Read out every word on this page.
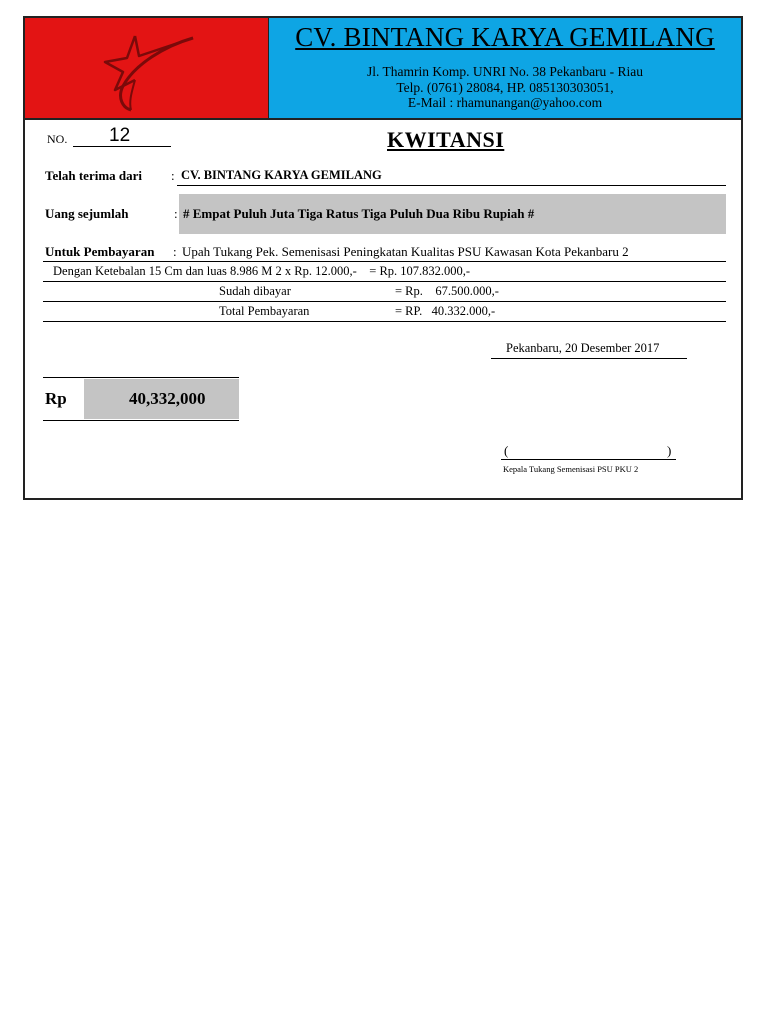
CV. BINTANG KARYA GEMILANG
Jl. Thamrin Komp. UNRI No. 38 Pekanbaru - Riau
Telp. (0761) 28084, HP. 085130303051,
E-Mail : rhamunangan@yahoo.com
NO. 12	KWITANSI
Telah terima dari : CV. BINTANG KARYA GEMILANG
Uang sejumlah	: # Empat Puluh Juta Tiga Ratus Tiga Puluh Dua Ribu Rupiah #
Untuk Pembayaran : Upah Tukang Pek. Semenisasi Peningkatan Kualitas PSU Kawasan Kota Pekanbaru 2
Dengan Ketebalan 15 Cm dan luas 8.986 M 2 x Rp. 12.000,-    = Rp. 107.832.000,-
Sudah dibayar	= Rp.    67.500.000,-
Total Pembayaran	= RP.   40.332.000,-
Pekanbaru, 20 Desember 2017
Rp	40,332,000
(	)
Kepala Tukang Semenisasi PSU PKU 2
